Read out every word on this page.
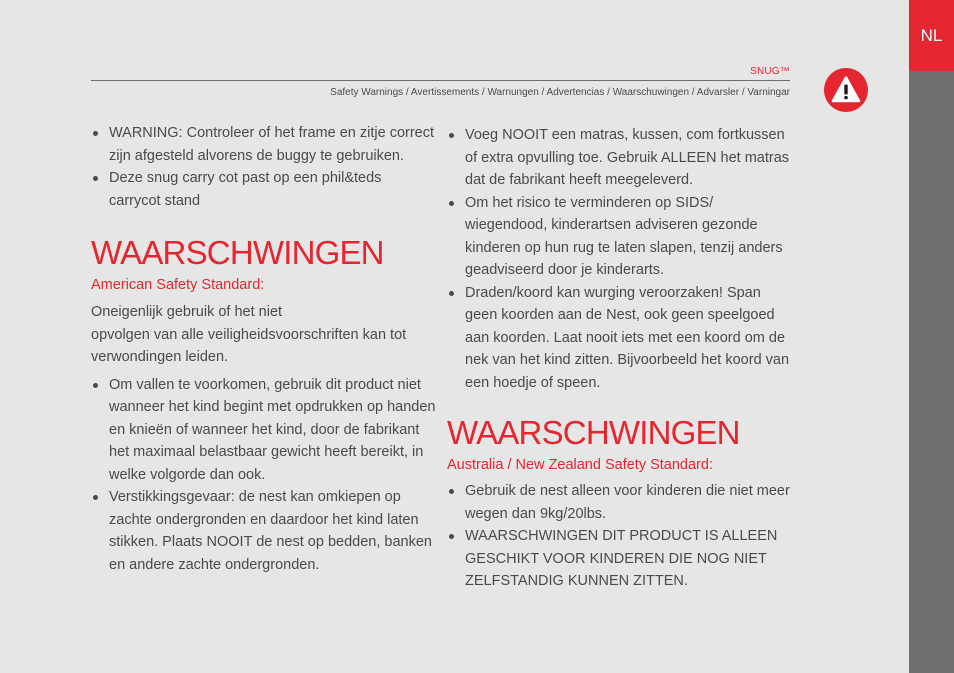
NL
SNUG™
Safety Warnings / Avertissements / Warnungen / Advertencias / Waarschuwingen / Advarsler / Varningar
WARNING: Controleer of het frame en zitje correct zijn afgesteld alvorens de buggy te gebruiken.
Deze snug carry cot past op een phil&teds carrycot stand
WAARSCHWINGEN

American Safety Standard:

Oneigenlijk gebruik of het niet
opvolgen van alle veiligheidsvoorschriften kan tot verwondingen leiden.

Om vallen te voorkomen, gebruik dit product niet wanneer het kind begint met opdrukken op handen en knieën of wanneer het kind, door de fabrikant het maximaal belastbaar gewicht heeft bereikt, in welke volgorde dan ook.
Verstikkingsgevaar: de nest kan omkiepen op zachte ondergronden en daardoor het kind laten stikken. Plaats NOOIT de nest op bedden, banken en andere zachte ondergronden.
Voeg NOOIT een matras, kussen, com fortkussen of extra opvulling toe. Gebruik ALLEEN het matras dat de fabrikant heeft meegeleverd.
Om het risico te verminderen op SIDS/ wiegendood, kinderartsen adviseren gezonde kinderen op hun rug te laten slapen, tenzij anders geadviseerd door je kinderarts.
Draden/koord kan wurging veroorzaken! Span geen koorden aan de Nest, ook geen speelgoed aan koorden. Laat nooit iets met een koord om de nek van het kind zitten. Bijvoorbeeld het koord van een hoedje of speen.
WAARSCHWINGEN

Australia / New Zealand Safety Standard:

Gebruik de nest alleen voor kinderen die niet meer wegen dan 9kg/20lbs.
WAARSCHWINGEN DIT PRODUCT IS ALLEEN GESCHIKT VOOR KINDEREN DIE NOG NIET ZELFSTANDIG KUNNEN ZITTEN.
